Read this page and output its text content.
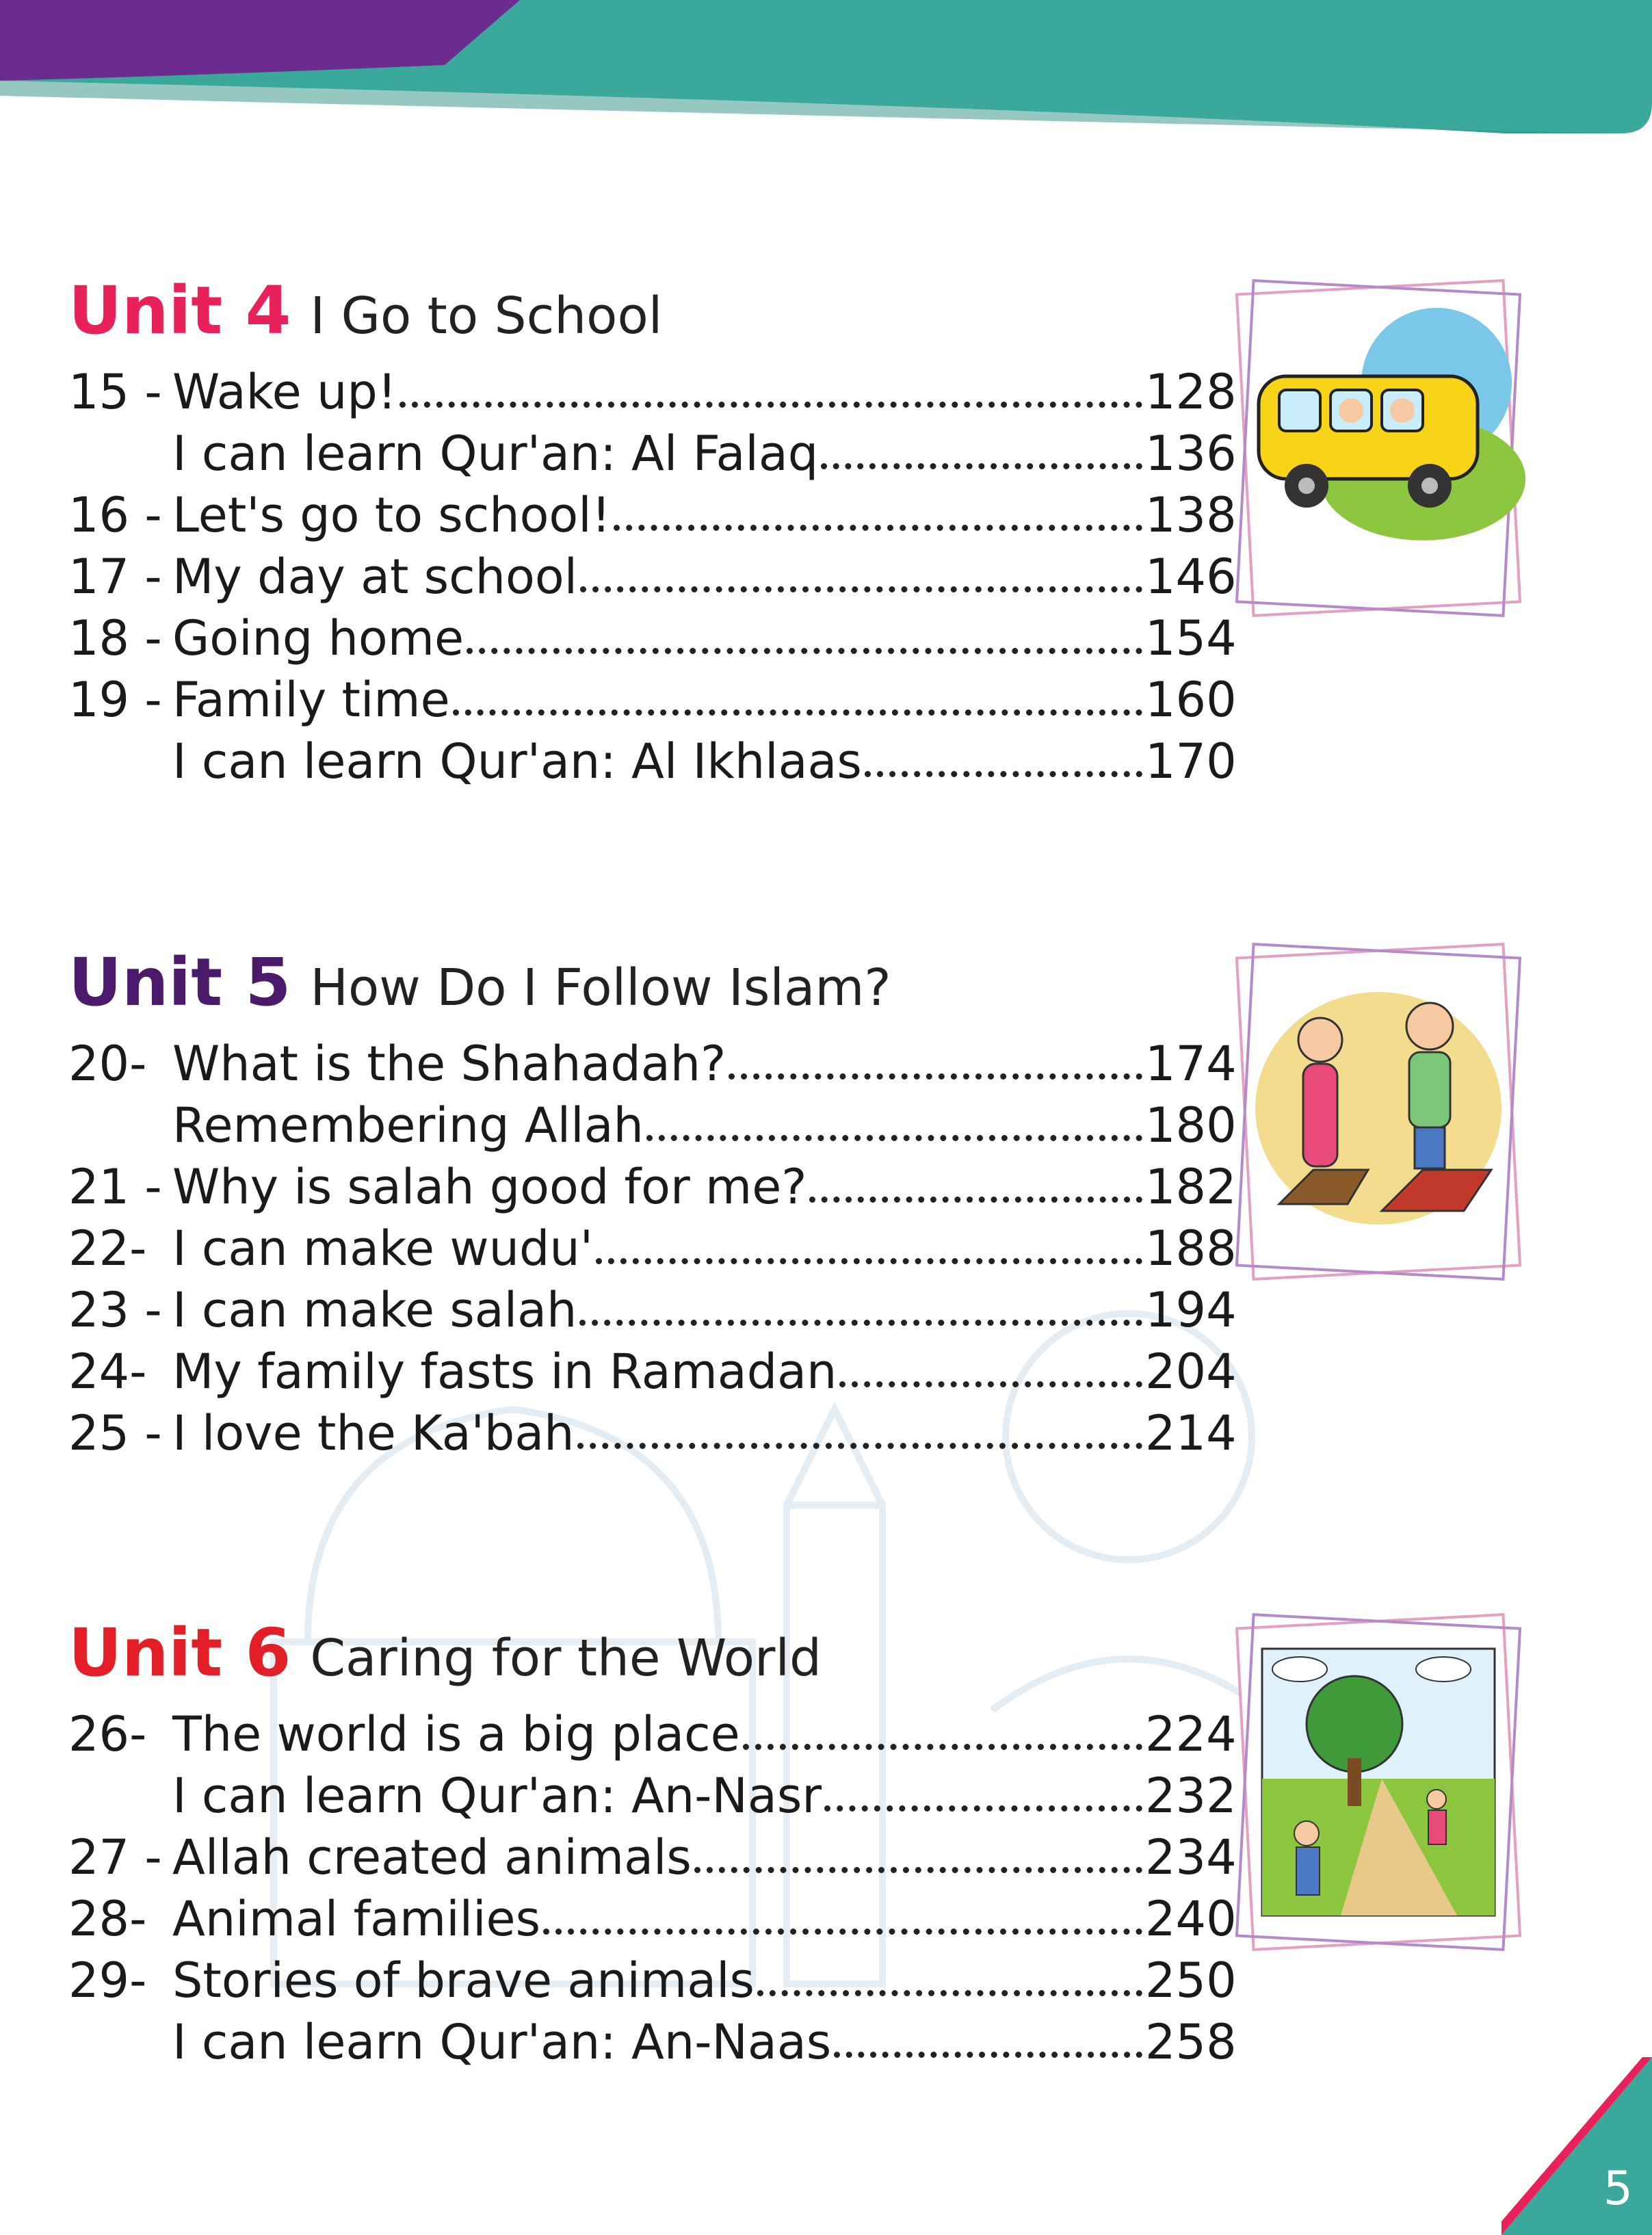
Unit 4 I Go to School
15 - Wake up!	128
I can learn Qur'an: Al Falaq	136
16 - Let's go to school!	138
17 - My day at school	146
18 - Going home	154
19 - Family time	160
I can learn Qur'an: Al Ikhlaas	170
Unit 5 How Do I Follow Islam?
20- What is the Shahadah?	174
Remembering Allah	180
21 - Why is salah good for me?	182
22- I can make wudu'	188
23 - I can make salah	194
24- My family fasts in Ramadan	204
25 - I love the Ka'bah	214
Unit 6 Caring for the World
26- The world is a big place	224
I can learn Qur'an: An-Nasr	232
27 - Allah created animals	234
28- Animal families	240
29- Stories of brave animals	250
I can learn Qur'an: An-Naas	258
5
